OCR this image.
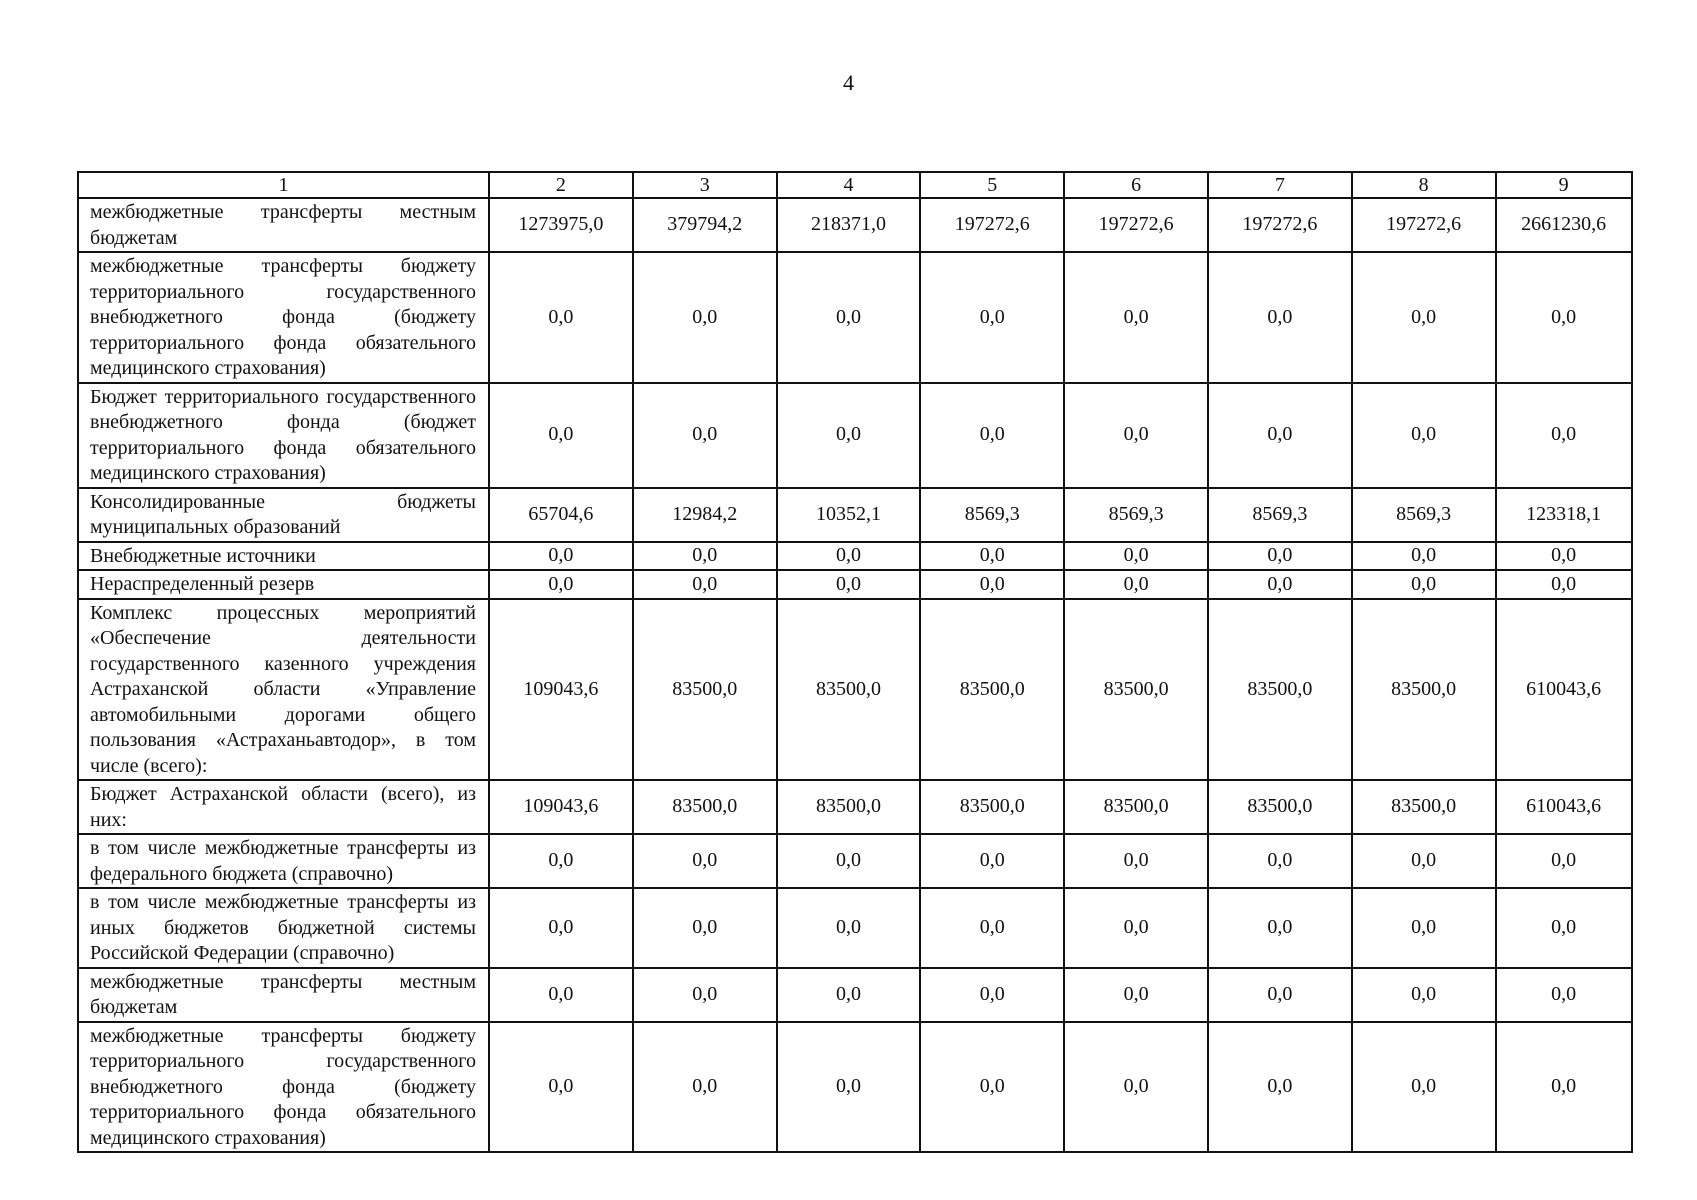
4
1	2	3	4	5	6	7	8	9
межбюджетные трансферты местным бюджетам	1273975,0	379794,2	218371,0	197272,6	197272,6	197272,6	197272,6	2661230,6
межбюджетные трансферты бюджету территориального государственного внебюджетного фонда (бюджету территориального фонда обязательного медицинского страхования)	0,0	0,0	0,0	0,0	0,0	0,0	0,0	0,0
Бюджет территориального государственного внебюджетного фонда (бюджет территориального фонда обязательного медицинского страхования)	0,0	0,0	0,0	0,0	0,0	0,0	0,0	0,0
Консолидированные бюджеты муниципальных образований	65704,6	12984,2	10352,1	8569,3	8569,3	8569,3	8569,3	123318,1
Внебюджетные источники	0,0	0,0	0,0	0,0	0,0	0,0	0,0	0,0
Нераспределенный резерв	0,0	0,0	0,0	0,0	0,0	0,0	0,0	0,0
Комплекс процессных мероприятий «Обеспечение деятельности государственного казенного учреждения Астраханской области «Управление автомобильными дорогами общего пользования «Астраханьавтодор», в том числе (всего):	109043,6	83500,0	83500,0	83500,0	83500,0	83500,0	83500,0	610043,6
Бюджет Астраханской области (всего), из них:	109043,6	83500,0	83500,0	83500,0	83500,0	83500,0	83500,0	610043,6
в том числе межбюджетные трансферты из федерального бюджета (справочно)	0,0	0,0	0,0	0,0	0,0	0,0	0,0	0,0
в том числе межбюджетные трансферты из иных бюджетов бюджетной системы Российской Федерации (справочно)	0,0	0,0	0,0	0,0	0,0	0,0	0,0	0,0
межбюджетные трансферты местным бюджетам	0,0	0,0	0,0	0,0	0,0	0,0	0,0	0,0
межбюджетные трансферты бюджету территориального государственного внебюджетного фонда (бюджету территориального фонда обязательного медицинского страхования)	0,0	0,0	0,0	0,0	0,0	0,0	0,0	0,0
